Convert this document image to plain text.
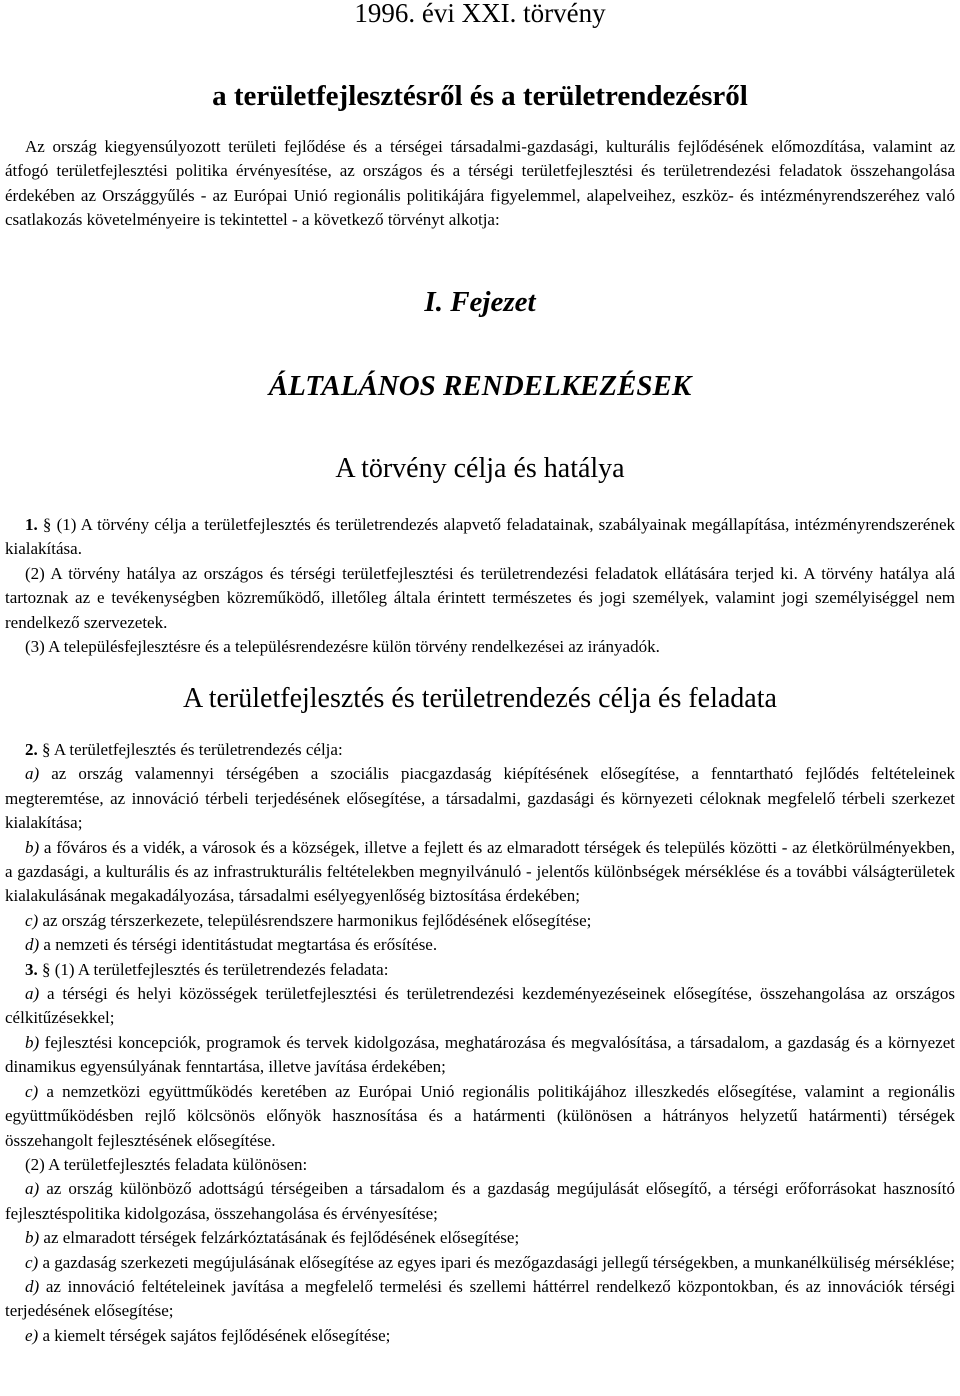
1996. évi XXI. törvény
a területfejlesztésről és a területrendezésről

Az ország kiegyensúlyozott területi fejlődése és a térségei társadalmi-gazdasági, kulturális fejlődésének előmozdítása, valamint az átfogó területfejlesztési politika érvényesítése, az országos és a térségi területfejlesztési és területrendezési feladatok összehangolása érdekében az Országgyűlés - az Európai Unió regionális politikájára figyelemmel, alapelveihez, eszköz- és intézményrendszeréhez való csatlakozás követelményeire is tekintettel - a következő törvényt alkotja:

I. Fejezet
ÁLTALÁNOS RENDELKEZÉSEK
A törvény célja és hatálya
1. § (1) A törvény célja a területfejlesztés és területrendezés alapvető feladatainak, szabályainak megállapítása, intézményrendszerének kialakítása.
(2) A törvény hatálya az országos és térségi területfejlesztési és területrendezési feladatok ellátására terjed ki. A törvény hatálya alá tartoznak az e tevékenységben közreműködő, illetőleg általa érintett természetes és jogi személyek, valamint jogi személyiséggel nem rendelkező szervezetek.
(3) A településfejlesztésre és a településrendezésre külön törvény rendelkezései az irányadók.
A területfejlesztés és területrendezés célja és feladata
2. § A területfejlesztés és területrendezés célja:
a) az ország valamennyi térségében a szociális piacgazdaság kiépítésének elősegítése, a fenntartható fejlődés feltételeinek megteremtése, az innováció térbeli terjedésének elősegítése, a társadalmi, gazdasági és környezeti céloknak megfelelő térbeli szerkezet kialakítása;
b) a főváros és a vidék, a városok és a községek, illetve a fejlett és az elmaradott térségek és település közötti - az életkörülményekben, a gazdasági, a kulturális és az infrastrukturális feltételekben megnyilvánuló - jelentős különbségek mérséklése és a további válságterületek kialakulásának megakadályozása, társadalmi esélyegyenlőség biztosítása érdekében;
c) az ország térszerkezete, településrendszere harmonikus fejlődésének elősegítése;
d) a nemzeti és térségi identitástudat megtartása és erősítése.
3. § (1) A területfejlesztés és területrendezés feladata:
a) a térségi és helyi közösségek területfejlesztési és területrendezési kezdeményezéseinek elősegítése, összehangolása az országos célkitűzésekkel;
b) fejlesztési koncepciók, programok és tervek kidolgozása, meghatározása és megvalósítása, a társadalom, a gazdaság és a környezet dinamikus egyensúlyának fenntartása, illetve javítása érdekében;
c) a nemzetközi együttműködés keretében az Európai Unió regionális politikájához illeszkedés elősegítése, valamint a regionális együttműködésben rejlő kölcsönös előnyök hasznosítása és a határmenti (különösen a hátrányos helyzetű határmenti) térségek összehangolt fejlesztésének elősegítése.
(2) A területfejlesztés feladata különösen:
a) az ország különböző adottságú térségeiben a társadalom és a gazdaság megújulását elősegítő, a térségi erőforrásokat hasznosító fejlesztéspolitika kidolgozása, összehangolása és érvényesítése;
b) az elmaradott térségek felzárkóztatásának és fejlődésének elősegítése;
c) a gazdaság szerkezeti megújulásának elősegítése az egyes ipari és mezőgazdasági jellegű térségekben, a munkanélküliség mérséklése;
d) az innováció feltételeinek javítása a megfelelő termelési és szellemi háttérrel rendelkező központokban, és az innovációk térségi terjedésének elősegítése;
e) a kiemelt térségek sajátos fejlődésének elősegítése;
